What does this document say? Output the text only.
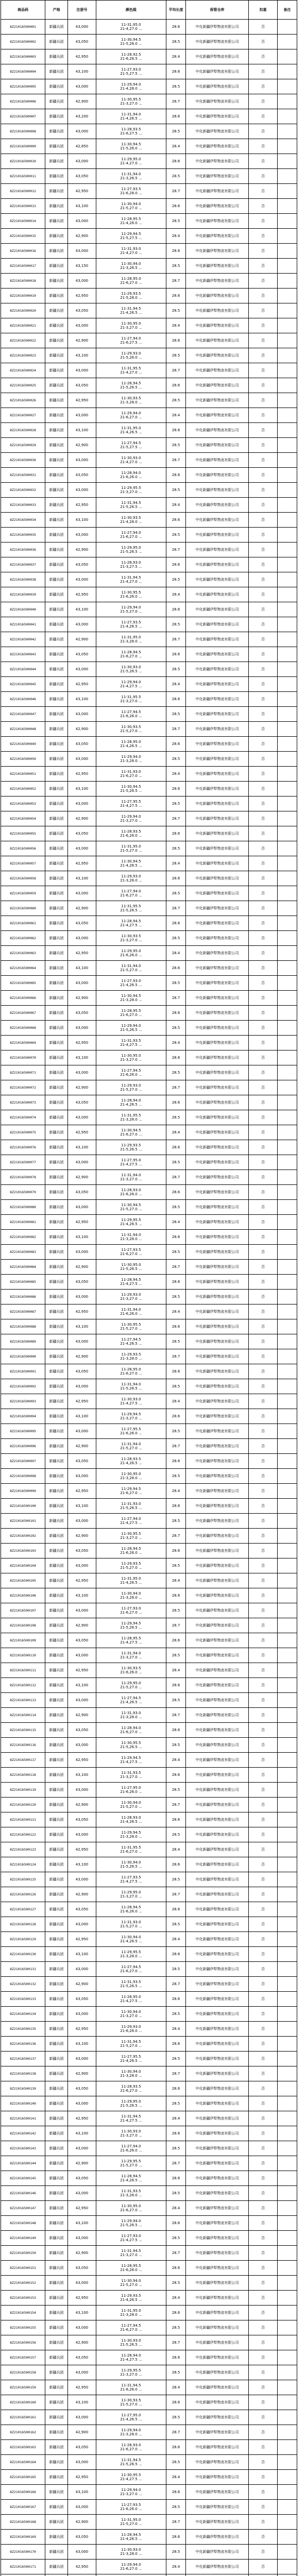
商品码	产地	注册号	颜色级	平均长度	保管仓库	扣重	备注
8Z21016500001	新疆兵团	43,000	11-31,95.0
21-4,27.0 ...	28.6	中化新疆伊犁物流有限公司	否	
8Z21016500002	新疆兵团	43,050	11-30,94.5
21-5,26.0 ...	28.5	中化新疆伊犁物流有限公司	否	
8Z21016500003	新疆兵团	42,950	11-28,92.5
21-6,26.5 ...	28.4	中化新疆伊犁物流有限公司	否	
8Z21016500004	新疆兵团	43,100	11-27,93.0
21-5,27.5 ...	28.6	中化新疆伊犁物流有限公司	否	
8Z21016500005	新疆兵团	43,000	11-29,94.0
21-4,28.0 ...	28.5	中化新疆伊犁物流有限公司	否	
8Z21016500006	新疆兵团	42,900	11-30,95.5
21-3,27.0 ...	28.7	中化新疆伊犁物流有限公司	否	
8Z21016500007	新疆兵团	43,200	11-31,94.0
21-4,26.5 ...	28.6	中化新疆伊犁物流有限公司	否	
8Z21016500008	新疆兵团	43,000	11-28,93.5
21-6,27.5 ...	28.5	中化新疆伊犁物流有限公司	否	
8Z21016500009	新疆兵团	42,850	11-30,94.5
21-5,26.0 ...	28.4	中化新疆伊犁物流有限公司	否	
8Z21016500010	新疆兵团	43,000	11-29,95.0
21-4,27.0 ...	28.6	中化新疆伊犁物流有限公司	否	
8Z21016500011	新疆兵团	43,050	11-31,94.0
21-3,26.5 ...	28.5	中化新疆伊犁物流有限公司	否	
8Z21016500012	新疆兵团	42,950	11-27,93.5
21-6,28.0 ...	28.7	中化新疆伊犁物流有限公司	否	
8Z21016500013	新疆兵团	43,100	11-30,94.0
21-5,27.0 ...	28.6	中化新疆伊犁物流有限公司	否	
8Z21016500014	新疆兵团	43,000	11-28,95.5
21-4,26.0 ...	28.5	中化新疆伊犁物流有限公司	否	
8Z21016500015	新疆兵团	42,900	11-29,94.5
21-5,27.5 ...	28.4	中化新疆伊犁物流有限公司	否	
8Z21016500016	新疆兵团	43,000	11-31,93.0
21-4,27.0 ...	28.6	中化新疆伊犁物流有限公司	否	
8Z21016500017	新疆兵团	43,150	11-30,94.0
21-3,26.5 ...	28.5	中化新疆伊犁物流有限公司	否	
8Z21016500018	新疆兵团	43,000	11-28,95.0
21-6,27.0 ...	28.7	中化新疆伊犁物流有限公司	否	
8Z21016500019	新疆兵团	42,950	11-29,93.5
21-5,28.0 ...	28.6	中化新疆伊犁物流有限公司	否	
8Z21016500020	新疆兵团	43,050	11-31,94.5
21-4,26.5 ...	28.5	中化新疆伊犁物流有限公司	否	
8Z21016500021	新疆兵团	43,000	11-30,95.0
21-3,27.0 ...	28.4	中化新疆伊犁物流有限公司	否	
8Z21016500022	新疆兵团	42,900	11-27,94.0
21-6,27.5 ...	28.6	中化新疆伊犁物流有限公司	否	
8Z21016500023	新疆兵团	43,100	11-29,93.0
21-5,26.0 ...	28.5	中化新疆伊犁物流有限公司	否	
8Z21016500024	新疆兵团	43,000	11-31,95.5
21-4,27.0 ...	28.7	中化新疆伊犁物流有限公司	否	
8Z21016500025	新疆兵团	43,050	11-28,94.5
21-5,26.5 ...	28.6	中化新疆伊犁物流有限公司	否	
8Z21016500026	新疆兵团	42,950	11-30,93.5
21-3,28.0 ...	28.5	中化新疆伊犁物流有限公司	否	
8Z21016500027	新疆兵团	43,000	11-29,94.0
21-6,27.0 ...	28.4	中化新疆伊犁物流有限公司	否	
8Z21016500028	新疆兵团	43,100	11-31,95.0
21-4,26.5 ...	28.6	中化新疆伊犁物流有限公司	否	
8Z21016500029	新疆兵团	42,900	11-27,94.5
21-5,27.5 ...	28.5	中化新疆伊犁物流有限公司	否	
8Z21016500030	新疆兵团	43,000	11-30,93.0
21-4,27.0 ...	28.7	中化新疆伊犁物流有限公司	否	
8Z21016500031	新疆兵团	43,050	11-28,94.0
21-6,26.0 ...	28.6	中化新疆伊犁物流有限公司	否	
8Z21016500032	新疆兵团	43,000	11-29,95.5
21-3,27.0 ...	28.5	中化新疆伊犁物流有限公司	否	
8Z21016500033	新疆兵团	42,950	11-31,94.5
21-5,26.5 ...	28.4	中化新疆伊犁物流有限公司	否	
8Z21016500034	新疆兵团	43,100	11-30,93.5
21-4,28.0 ...	28.6	中化新疆伊犁物流有限公司	否	
8Z21016500035	新疆兵团	43,000	11-27,94.0
21-6,27.0 ...	28.5	中化新疆伊犁物流有限公司	否	
8Z21016500036	新疆兵团	42,900	11-29,95.0
21-5,26.5 ...	28.7	中化新疆伊犁物流有限公司	否	
8Z21016500037	新疆兵团	43,050	11-28,93.0
21-3,27.5 ...	28.6	中化新疆伊犁物流有限公司	否	
8Z21016500038	新疆兵团	43,000	11-31,94.5
21-4,27.0 ...	28.5	中化新疆伊犁物流有限公司	否	
8Z21016500039	新疆兵团	42,950	11-30,95.5
21-6,26.0 ...	28.4	中化新疆伊犁物流有限公司	否	
8Z21016500040	新疆兵团	43,100	11-29,94.0
21-5,27.0 ...	28.6	中化新疆伊犁物流有限公司	否	
8Z21016500041	新疆兵团	43,000	11-27,93.5
21-4,26.5 ...	28.5	中化新疆伊犁物流有限公司	否	
8Z21016500042	新疆兵团	42,900	11-31,95.0
21-3,28.0 ...	28.7	中化新疆伊犁物流有限公司	否	
8Z21016500043	新疆兵团	43,050	11-28,94.5
21-6,27.0 ...	28.6	中化新疆伊犁物流有限公司	否	
8Z21016500044	新疆兵团	43,000	11-30,93.0
21-5,26.5 ...	28.5	中化新疆伊犁物流有限公司	否	
8Z21016500045	新疆兵团	42,950	11-29,94.0
21-4,27.5 ...	28.4	中化新疆伊犁物流有限公司	否	
8Z21016500046	新疆兵团	43,100	11-31,95.5
21-3,27.0 ...	28.6	中化新疆伊犁物流有限公司	否	
8Z21016500047	新疆兵团	43,000	11-27,94.5
21-6,26.0 ...	28.5	中化新疆伊犁物流有限公司	否	
8Z21016500048	新疆兵团	42,900	11-30,93.5
21-5,27.0 ...	28.7	中化新疆伊犁物流有限公司	否	
8Z21016500049	新疆兵团	43,050	11-28,95.0
21-4,26.5 ...	28.6	中化新疆伊犁物流有限公司	否	
8Z21016500050	新疆兵团	43,000	11-29,94.0
21-3,28.0 ...	28.5	中化新疆伊犁物流有限公司	否	
8Z21016500051	新疆兵团	42,950	11-31,93.0
21-6,27.0 ...	28.4	中化新疆伊犁物流有限公司	否	
8Z21016500052	新疆兵团	43,100	11-30,94.5
21-5,26.5 ...	28.6	中化新疆伊犁物流有限公司	否	
8Z21016500053	新疆兵团	43,000	11-27,95.5
21-4,27.5 ...	28.5	中化新疆伊犁物流有限公司	否	
8Z21016500054	新疆兵团	42,900	11-29,94.0
21-3,27.0 ...	28.7	中化新疆伊犁物流有限公司	否	
8Z21016500055	新疆兵团	43,050	11-28,93.5
21-6,26.0 ...	28.6	中化新疆伊犁物流有限公司	否	
8Z21016500056	新疆兵团	43,000	11-31,95.0
21-5,27.0 ...	28.5	中化新疆伊犁物流有限公司	否	
8Z21016500057	新疆兵团	42,950	11-30,94.5
21-4,26.5 ...	28.4	中化新疆伊犁物流有限公司	否	
8Z21016500058	新疆兵团	43,100	11-29,93.0
21-3,28.0 ...	28.6	中化新疆伊犁物流有限公司	否	
8Z21016500059	新疆兵团	43,000	11-27,94.0
21-6,27.0 ...	28.5	中化新疆伊犁物流有限公司	否	
8Z21016500060	新疆兵团	42,900	11-31,95.5
21-5,26.5 ...	28.7	中化新疆伊犁物流有限公司	否	
8Z21016500061	新疆兵团	43,050	11-28,94.5
21-4,27.5 ...	28.6	中化新疆伊犁物流有限公司	否	
8Z21016500062	新疆兵团	43,000	11-30,93.5
21-3,27.0 ...	28.5	中化新疆伊犁物流有限公司	否	
8Z21016500063	新疆兵团	42,950	11-29,95.0
21-6,26.0 ...	28.4	中化新疆伊犁物流有限公司	否	
8Z21016500064	新疆兵团	43,100	11-31,94.0
21-5,27.0 ...	28.6	中化新疆伊犁物流有限公司	否	
8Z21016500065	新疆兵团	43,000	11-27,93.0
21-4,26.5 ...	28.5	中化新疆伊犁物流有限公司	否	
8Z21016500066	新疆兵团	42,900	11-30,94.5
21-3,28.0 ...	28.7	中化新疆伊犁物流有限公司	否	
8Z21016500067	新疆兵团	43,050	11-28,95.5
21-6,27.0 ...	28.6	中化新疆伊犁物流有限公司	否	
8Z21016500068	新疆兵团	43,000	11-29,94.0
21-5,26.5 ...	28.5	中化新疆伊犁物流有限公司	否	
8Z21016500069	新疆兵团	42,950	11-31,93.5
21-4,27.5 ...	28.4	中化新疆伊犁物流有限公司	否	
8Z21016500070	新疆兵团	43,100	11-30,95.0
21-3,27.0 ...	28.6	中化新疆伊犁物流有限公司	否	
8Z21016500071	新疆兵团	43,000	11-27,94.5
21-6,26.0 ...	28.5	中化新疆伊犁物流有限公司	否	
8Z21016500072	新疆兵团	42,900	11-29,93.0
21-5,27.0 ...	28.7	中化新疆伊犁物流有限公司	否	
8Z21016500073	新疆兵团	43,050	11-28,94.0
21-4,26.5 ...	28.6	中化新疆伊犁物流有限公司	否	
8Z21016500074	新疆兵团	43,000	11-31,95.5
21-3,28.0 ...	28.5	中化新疆伊犁物流有限公司	否	
8Z21016500075	新疆兵团	42,950	11-30,94.5
21-6,27.0 ...	28.4	中化新疆伊犁物流有限公司	否	
8Z21016500076	新疆兵团	43,100	11-29,93.5
21-5,26.5 ...	28.6	中化新疆伊犁物流有限公司	否	
8Z21016500077	新疆兵团	43,000	11-27,95.0
21-4,27.5 ...	28.5	中化新疆伊犁物流有限公司	否	
8Z21016500078	新疆兵团	42,900	11-31,94.0
21-3,27.0 ...	28.7	中化新疆伊犁物流有限公司	否	
8Z21016500079	新疆兵团	43,050	11-28,93.0
21-6,26.0 ...	28.6	中化新疆伊犁物流有限公司	否	
8Z21016500080	新疆兵团	43,000	11-30,94.5
21-5,27.0 ...	28.5	中化新疆伊犁物流有限公司	否	
8Z21016500081	新疆兵团	42,950	11-29,95.5
21-4,26.5 ...	28.4	中化新疆伊犁物流有限公司	否	
8Z21016500082	新疆兵团	43,100	11-31,94.0
21-3,28.0 ...	28.6	中化新疆伊犁物流有限公司	否	
8Z21016500083	新疆兵团	43,000	11-27,93.5
21-6,27.0 ...	28.5	中化新疆伊犁物流有限公司	否	
8Z21016500084	新疆兵团	42,900	11-30,95.0
21-5,26.5 ...	28.7	中化新疆伊犁物流有限公司	否	
8Z21016500085	新疆兵团	43,050	11-28,94.5
21-4,27.5 ...	28.6	中化新疆伊犁物流有限公司	否	
8Z21016500086	新疆兵团	43,000	11-29,93.0
21-3,27.0 ...	28.5	中化新疆伊犁物流有限公司	否	
8Z21016500087	新疆兵团	42,950	11-31,94.0
21-6,26.0 ...	28.4	中化新疆伊犁物流有限公司	否	
8Z21016500088	新疆兵团	43,100	11-30,95.5
21-5,27.0 ...	28.6	中化新疆伊犁物流有限公司	否	
8Z21016500089	新疆兵团	43,000	11-27,94.5
21-4,26.5 ...	28.5	中化新疆伊犁物流有限公司	否	
8Z21016500090	新疆兵团	42,900	11-29,93.5
21-3,28.0 ...	28.7	中化新疆伊犁物流有限公司	否	
8Z21016500091	新疆兵团	43,050	11-28,95.0
21-6,27.0 ...	28.6	中化新疆伊犁物流有限公司	否	
8Z21016500092	新疆兵团	43,000	11-31,94.0
21-5,26.5 ...	28.5	中化新疆伊犁物流有限公司	否	
8Z21016500093	新疆兵团	42,950	11-30,93.0
21-4,27.5 ...	28.4	中化新疆伊犁物流有限公司	否	
8Z21016500094	新疆兵团	43,100	11-29,94.5
21-3,27.0 ...	28.6	中化新疆伊犁物流有限公司	否	
8Z21016500095	新疆兵团	43,000	11-27,95.5
21-6,26.0 ...	28.5	中化新疆伊犁物流有限公司	否	
8Z21016500096	新疆兵团	42,900	11-31,94.0
21-5,27.0 ...	28.7	中化新疆伊犁物流有限公司	否	
8Z21016500097	新疆兵团	43,050	11-28,93.5
21-4,26.5 ...	28.6	中化新疆伊犁物流有限公司	否	
8Z21016500098	新疆兵团	43,000	11-30,95.0
21-3,28.0 ...	28.5	中化新疆伊犁物流有限公司	否	
8Z21016500099	新疆兵团	42,950	11-29,94.5
21-6,27.0 ...	28.4	中化新疆伊犁物流有限公司	否	
8Z21016500100	新疆兵团	43,100	11-31,93.0
21-5,26.5 ...	28.6	中化新疆伊犁物流有限公司	否	
8Z21016500101	新疆兵团	43,000	11-27,94.0
21-4,27.5 ...	28.5	中化新疆伊犁物流有限公司	否	
8Z21016500102	新疆兵团	42,900	11-30,95.5
21-3,27.0 ...	28.7	中化新疆伊犁物流有限公司	否	
8Z21016500103	新疆兵团	43,050	11-28,94.5
21-6,26.0 ...	28.6	中化新疆伊犁物流有限公司	否	
8Z21016500104	新疆兵团	43,000	11-29,93.5
21-5,27.0 ...	28.5	中化新疆伊犁物流有限公司	否	
8Z21016500105	新疆兵团	42,950	11-31,95.0
21-4,26.5 ...	28.4	中化新疆伊犁物流有限公司	否	
8Z21016500106	新疆兵团	43,100	11-30,94.0
21-3,28.0 ...	28.6	中化新疆伊犁物流有限公司	否	
8Z21016500107	新疆兵团	43,000	11-27,93.0
21-6,27.0 ...	28.5	中化新疆伊犁物流有限公司	否	
8Z21016500108	新疆兵团	42,900	11-29,94.5
21-5,26.5 ...	28.7	中化新疆伊犁物流有限公司	否	
8Z21016500109	新疆兵团	43,050	11-28,95.5
21-4,27.5 ...	28.6	中化新疆伊犁物流有限公司	否	
8Z21016500110	新疆兵团	43,000	11-31,94.0
21-3,27.0 ...	28.5	中化新疆伊犁物流有限公司	否	
8Z21016500111	新疆兵团	42,950	11-30,93.5
21-6,26.0 ...	28.4	中化新疆伊犁物流有限公司	否	
8Z21016500112	新疆兵团	43,100	11-29,95.0
21-5,27.0 ...	28.6	中化新疆伊犁物流有限公司	否	
8Z21016500113	新疆兵团	43,000	11-27,94.5
21-4,26.5 ...	28.5	中化新疆伊犁物流有限公司	否	
8Z21016500114	新疆兵团	42,900	11-31,93.0
21-3,28.0 ...	28.7	中化新疆伊犁物流有限公司	否	
8Z21016500115	新疆兵团	43,050	11-28,94.0
21-6,27.0 ...	28.6	中化新疆伊犁物流有限公司	否	
8Z21016500116	新疆兵团	43,000	11-30,95.5
21-5,26.5 ...	28.5	中化新疆伊犁物流有限公司	否	
8Z21016500117	新疆兵团	42,950	11-29,94.5
21-4,27.5 ...	28.4	中化新疆伊犁物流有限公司	否	
8Z21016500118	新疆兵团	43,100	11-31,93.5
21-3,27.0 ...	28.6	中化新疆伊犁物流有限公司	否	
8Z21016500119	新疆兵团	43,000	11-27,95.0
21-6,26.0 ...	28.5	中化新疆伊犁物流有限公司	否	
8Z21016500120	新疆兵团	42,900	11-30,94.0
21-5,27.0 ...	28.7	中化新疆伊犁物流有限公司	否	
8Z21016500121	新疆兵团	43,050	11-28,93.0
21-4,26.5 ...	28.6	中化新疆伊犁物流有限公司	否	
8Z21016500122	新疆兵团	43,000	11-29,94.5
21-3,28.0 ...	28.5	中化新疆伊犁物流有限公司	否	
8Z21016500123	新疆兵团	42,950	11-31,95.5
21-6,27.0 ...	28.4	中化新疆伊犁物流有限公司	否	
8Z21016500124	新疆兵团	43,100	11-30,94.0
21-5,26.5 ...	28.6	中化新疆伊犁物流有限公司	否	
8Z21016500125	新疆兵团	43,000	11-27,93.5
21-4,27.5 ...	28.5	中化新疆伊犁物流有限公司	否	
8Z21016500126	新疆兵团	42,900	11-29,95.0
21-3,27.0 ...	28.7	中化新疆伊犁物流有限公司	否	
8Z21016500127	新疆兵团	43,050	11-28,94.5
21-6,26.0 ...	28.6	中化新疆伊犁物流有限公司	否	
8Z21016500128	新疆兵团	43,000	11-31,93.0
21-5,27.0 ...	28.5	中化新疆伊犁物流有限公司	否	
8Z21016500129	新疆兵团	42,950	11-30,94.0
21-4,26.5 ...	28.4	中化新疆伊犁物流有限公司	否	
8Z21016500130	新疆兵团	43,100	11-29,95.5
21-3,28.0 ...	28.6	中化新疆伊犁物流有限公司	否	
8Z21016500131	新疆兵团	43,000	11-27,94.5
21-6,27.0 ...	28.5	中化新疆伊犁物流有限公司	否	
8Z21016500132	新疆兵团	42,900	11-31,93.5
21-5,26.5 ...	28.7	中化新疆伊犁物流有限公司	否	
8Z21016500133	新疆兵团	43,050	11-28,95.0
21-4,27.5 ...	28.6	中化新疆伊犁物流有限公司	否	
8Z21016500134	新疆兵团	43,000	11-30,94.0
21-3,27.0 ...	28.5	中化新疆伊犁物流有限公司	否	
8Z21016500135	新疆兵团	42,950	11-29,93.0
21-6,26.0 ...	28.4	中化新疆伊犁物流有限公司	否	
8Z21016500136	新疆兵团	43,100	11-31,94.5
21-5,27.0 ...	28.6	中化新疆伊犁物流有限公司	否	
8Z21016500137	新疆兵团	43,000	11-27,95.5
21-4,26.5 ...	28.5	中化新疆伊犁物流有限公司	否	
8Z21016500138	新疆兵团	42,900	11-30,94.0
21-3,28.0 ...	28.7	中化新疆伊犁物流有限公司	否	
8Z21016500139	新疆兵团	43,050	11-28,93.5
21-6,27.0 ...	28.6	中化新疆伊犁物流有限公司	否	
8Z21016500140	新疆兵团	43,000	11-29,95.0
21-5,26.5 ...	28.5	中化新疆伊犁物流有限公司	否	
8Z21016500141	新疆兵团	42,950	11-31,94.5
21-4,27.5 ...	28.4	中化新疆伊犁物流有限公司	否	
8Z21016500142	新疆兵团	43,100	11-30,93.0
21-3,27.0 ...	28.6	中化新疆伊犁物流有限公司	否	
8Z21016500143	新疆兵团	43,000	11-27,94.0
21-6,26.0 ...	28.5	中化新疆伊犁物流有限公司	否	
8Z21016500144	新疆兵团	42,900	11-29,95.5
21-5,27.0 ...	28.7	中化新疆伊犁物流有限公司	否	
8Z21016500145	新疆兵团	43,050	11-28,94.5
21-4,26.5 ...	28.6	中化新疆伊犁物流有限公司	否	
8Z21016500146	新疆兵团	43,000	11-31,93.5
21-3,28.0 ...	28.5	中化新疆伊犁物流有限公司	否	
8Z21016500147	新疆兵团	42,950	11-30,95.0
21-6,27.0 ...	28.4	中化新疆伊犁物流有限公司	否	
8Z21016500148	新疆兵团	43,100	11-29,94.0
21-5,26.5 ...	28.6	中化新疆伊犁物流有限公司	否	
8Z21016500149	新疆兵团	43,000	11-27,93.0
21-4,27.5 ...	28.5	中化新疆伊犁物流有限公司	否	
8Z21016500150	新疆兵团	42,900	11-31,94.5
21-3,27.0 ...	28.7	中化新疆伊犁物流有限公司	否	
8Z21016500151	新疆兵团	43,050	11-28,95.5
21-6,26.0 ...	28.6	中化新疆伊犁物流有限公司	否	
8Z21016500152	新疆兵团	43,000	11-30,94.0
21-5,27.0 ...	28.5	中化新疆伊犁物流有限公司	否	
8Z21016500153	新疆兵团	42,950	11-29,93.5
21-4,26.5 ...	28.4	中化新疆伊犁物流有限公司	否	
8Z21016500154	新疆兵团	43,100	11-31,95.0
21-3,28.0 ...	28.6	中化新疆伊犁物流有限公司	否	
8Z21016500155	新疆兵团	43,000	11-27,94.5
21-6,27.0 ...	28.5	中化新疆伊犁物流有限公司	否	
8Z21016500156	新疆兵团	42,900	11-30,93.0
21-5,26.5 ...	28.7	中化新疆伊犁物流有限公司	否	
8Z21016500157	新疆兵团	43,050	11-28,94.0
21-4,27.5 ...	28.6	中化新疆伊犁物流有限公司	否	
8Z21016500158	新疆兵团	43,000	11-29,95.5
21-3,27.0 ...	28.5	中化新疆伊犁物流有限公司	否	
8Z21016500159	新疆兵团	42,950	11-31,94.5
21-6,26.0 ...	28.4	中化新疆伊犁物流有限公司	否	
8Z21016500160	新疆兵团	43,100	11-30,93.5
21-5,27.0 ...	28.6	中化新疆伊犁物流有限公司	否	
8Z21016500161	新疆兵团	43,000	11-27,95.0
21-4,26.5 ...	28.5	中化新疆伊犁物流有限公司	否	
8Z21016500162	新疆兵团	42,900	11-29,94.0
21-3,28.0 ...	28.7	中化新疆伊犁物流有限公司	否	
8Z21016500163	新疆兵团	43,050	11-28,93.0
21-6,27.0 ...	28.6	中化新疆伊犁物流有限公司	否	
8Z21016500164	新疆兵团	43,000	11-31,94.5
21-5,26.5 ...	28.5	中化新疆伊犁物流有限公司	否	
8Z21016500165	新疆兵团	42,950	11-30,95.5
21-4,27.5 ...	28.4	中化新疆伊犁物流有限公司	否	
8Z21016500166	新疆兵团	43,100	11-29,94.0
21-3,27.0 ...	28.6	中化新疆伊犁物流有限公司	否	
8Z21016500167	新疆兵团	43,000	11-27,93.5
21-6,26.0 ...	28.5	中化新疆伊犁物流有限公司	否	
8Z21016500168	新疆兵团	42,900	11-31,95.0
21-5,27.0 ...	28.7	中化新疆伊犁物流有限公司	否	
8Z21016500169	新疆兵团	43,050	11-28,94.5
21-4,26.5 ...	28.6	中化新疆伊犁物流有限公司	否	
8Z21016500170	新疆兵团	43,000	11-30,93.0
21-3,28.0 ...	28.5	中化新疆伊犁物流有限公司	否	
8Z21016500171	新疆兵团	42,950	11-29,94.0
21-6,27.0 ...	28.4	中化新疆伊犁物流有限公司	否	
